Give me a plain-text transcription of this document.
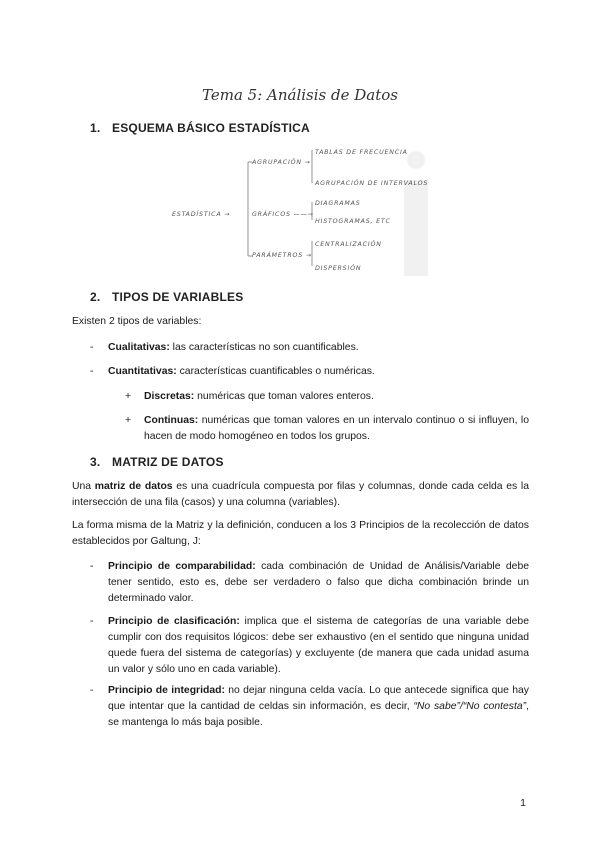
Tema 5: Análisis de Datos
1. ESQUEMA BÁSICO ESTADÍSTICA
ESTADÍSTICA →
AGRUPACIÓN →
TABLAS DE FRECUENCIA
AGRUPACIÓN DE INTERVALOS
GRÁFICOS ——→
DIAGRAMAS
HISTOGRAMAS, ETC
PARÁMETROS →
CENTRALIZACIÓN
DISPERSIÓN
2. TIPOS DE VARIABLES
Existen 2 tipos de variables:
- Cualitativas: las características no son cuantificables.
- Cuantitativas: características cuantificables o numéricas.
+ Discretas: numéricas que toman valores enteros.
+ Continuas: numéricas que toman valores en un intervalo continuo o si influyen, lo hacen de modo homogéneo en todos los grupos.
3. MATRIZ DE DATOS
Una matriz de datos es una cuadrícula compuesta por filas y columnas, donde cada celda es la intersección de una fila (casos) y una columna (variables).
La forma misma de la Matriz y la definición, conducen a los 3 Principios de la recolección de datos establecidos por Galtung, J:
- Principio de comparabilidad: cada combinación de Unidad de Análisis/Variable debe tener sentido, esto es, debe ser verdadero o falso que dicha combinación brinde un determinado valor.
- Principio de clasificación: implica que el sistema de categorías de una variable debe cumplir con dos requisitos lógicos: debe ser exhaustivo (en el sentido que ninguna unidad quede fuera del sistema de categorías) y excluyente (de manera que cada unidad asuma un valor y sólo uno en cada variable).
- Principio de integridad: no dejar ninguna celda vacía. Lo que antecede significa que hay que intentar que la cantidad de celdas sin información, es decir, “No sabe”/“No contesta”, se mantenga lo más baja posible.
1
